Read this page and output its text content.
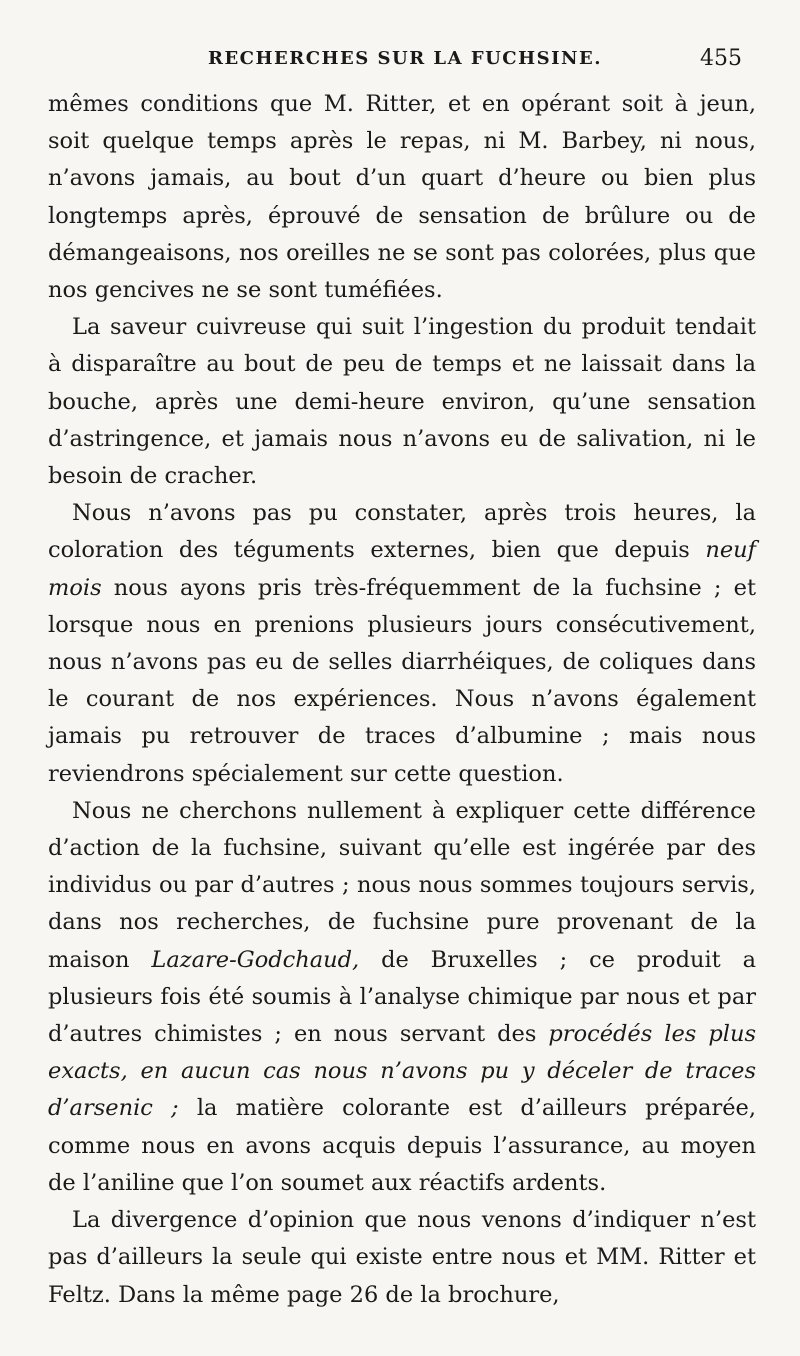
RECHERCHES SUR LA FUCHSINE.	455

mêmes conditions que M. Ritter, et en opérant soit à jeun, soit quelque temps après le repas, ni M. Barbey, ni nous, n’avons jamais, au bout d’un quart d’heure ou bien plus longtemps après, éprouvé de sensation de brûlure ou de démangeaisons, nos oreilles ne se sont pas colorées, plus que nos gencives ne se sont tuméfiées.

La saveur cuivreuse qui suit l’ingestion du produit tendait à disparaître au bout de peu de temps et ne laissait dans la bouche, après une demi-heure environ, qu’une sensation d’astringence, et jamais nous n’avons eu de salivation, ni le besoin de cracher.

Nous n’avons pas pu constater, après trois heures, la coloration des téguments externes, bien que depuis neuf mois nous ayons pris très-fréquemment de la fuchsine ; et lorsque nous en prenions plusieurs jours consécutivement, nous n’avons pas eu de selles diarrhéiques, de coliques dans le courant de nos expériences. Nous n’avons également jamais pu retrouver de traces d’albumine ; mais nous reviendrons spécialement sur cette question.

Nous ne cherchons nullement à expliquer cette différence d’action de la fuchsine, suivant qu’elle est ingérée par des individus ou par d’autres ; nous nous sommes toujours servis, dans nos recherches, de fuchsine pure provenant de la maison Lazare-Godchaud, de Bruxelles ; ce produit a plusieurs fois été soumis à l’analyse chimique par nous et par d’autres chimistes ; en nous servant des procédés les plus exacts, en aucun cas nous n’avons pu y déceler de traces d’arsenic ; la matière colorante est d’ailleurs préparée, comme nous en avons acquis depuis l’assurance, au moyen de l’aniline que l’on soumet aux réactifs ardents.

La divergence d’opinion que nous venons d’indiquer n’est pas d’ailleurs la seule qui existe entre nous et MM. Ritter et Feltz. Dans la même page 26 de la brochure,
